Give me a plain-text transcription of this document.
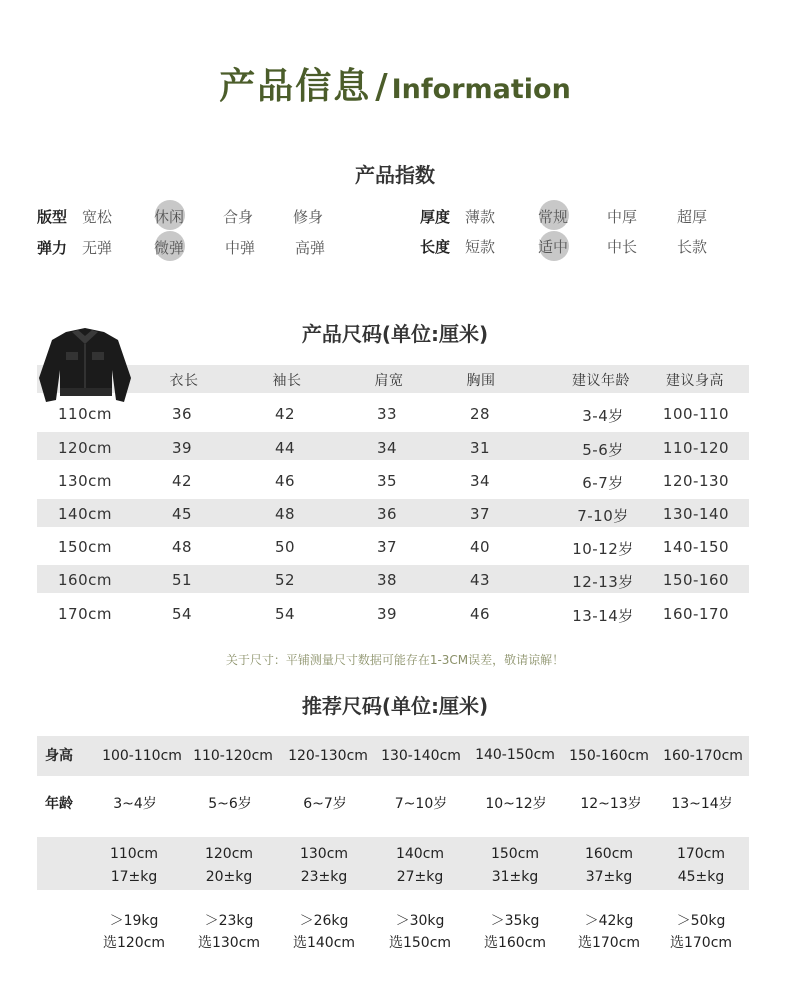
产品信息 / Information
产品指数
版型 宽松	休闲	合身	修身	厚度 薄款	常规	中厚	超厚
弹力 无弹	微弹	中弹	高弹	长度 短款	适中	中长	长款
产品尺码(单位:厘米)
衣长	袖长	肩宽	胸围	建议年龄	建议身高
110cm	36	42	33	28	3-4岁	100-110
120cm	39	44	34	31	5-6岁	110-120
130cm	42	46	35	34	6-7岁	120-130
140cm	45	48	36	37	7-10岁 130-140
150cm	48	50	37	40	10-12岁 140-150
160cm	51	52	38	43	12-13岁 150-160
170cm	54	54	39	46	13-14岁 160-170
关于尺寸：平铺测量尺寸数据可能存在1-3CM误差，敬请谅解！
推荐尺码(单位:厘米)
身高 100-110cm 110-120cm 120-130cm 130-140cm 140-150cm 150-160cm 160-170cm
年龄	3~4岁	5~6岁	6~7岁	7~10岁	10~12岁 12~13岁 13~14岁
110cm	120cm	130cm	140cm	150cm	160cm	170cm
17±kg	20±kg	23±kg	27±kg	31±kg	37±kg	45±kg
＞19kg	＞23kg	＞26kg	＞30kg	＞35kg	＞42kg	＞50kg
选120cm 选130cm 选140cm 选150cm 选160cm 选170cm 选170cm
